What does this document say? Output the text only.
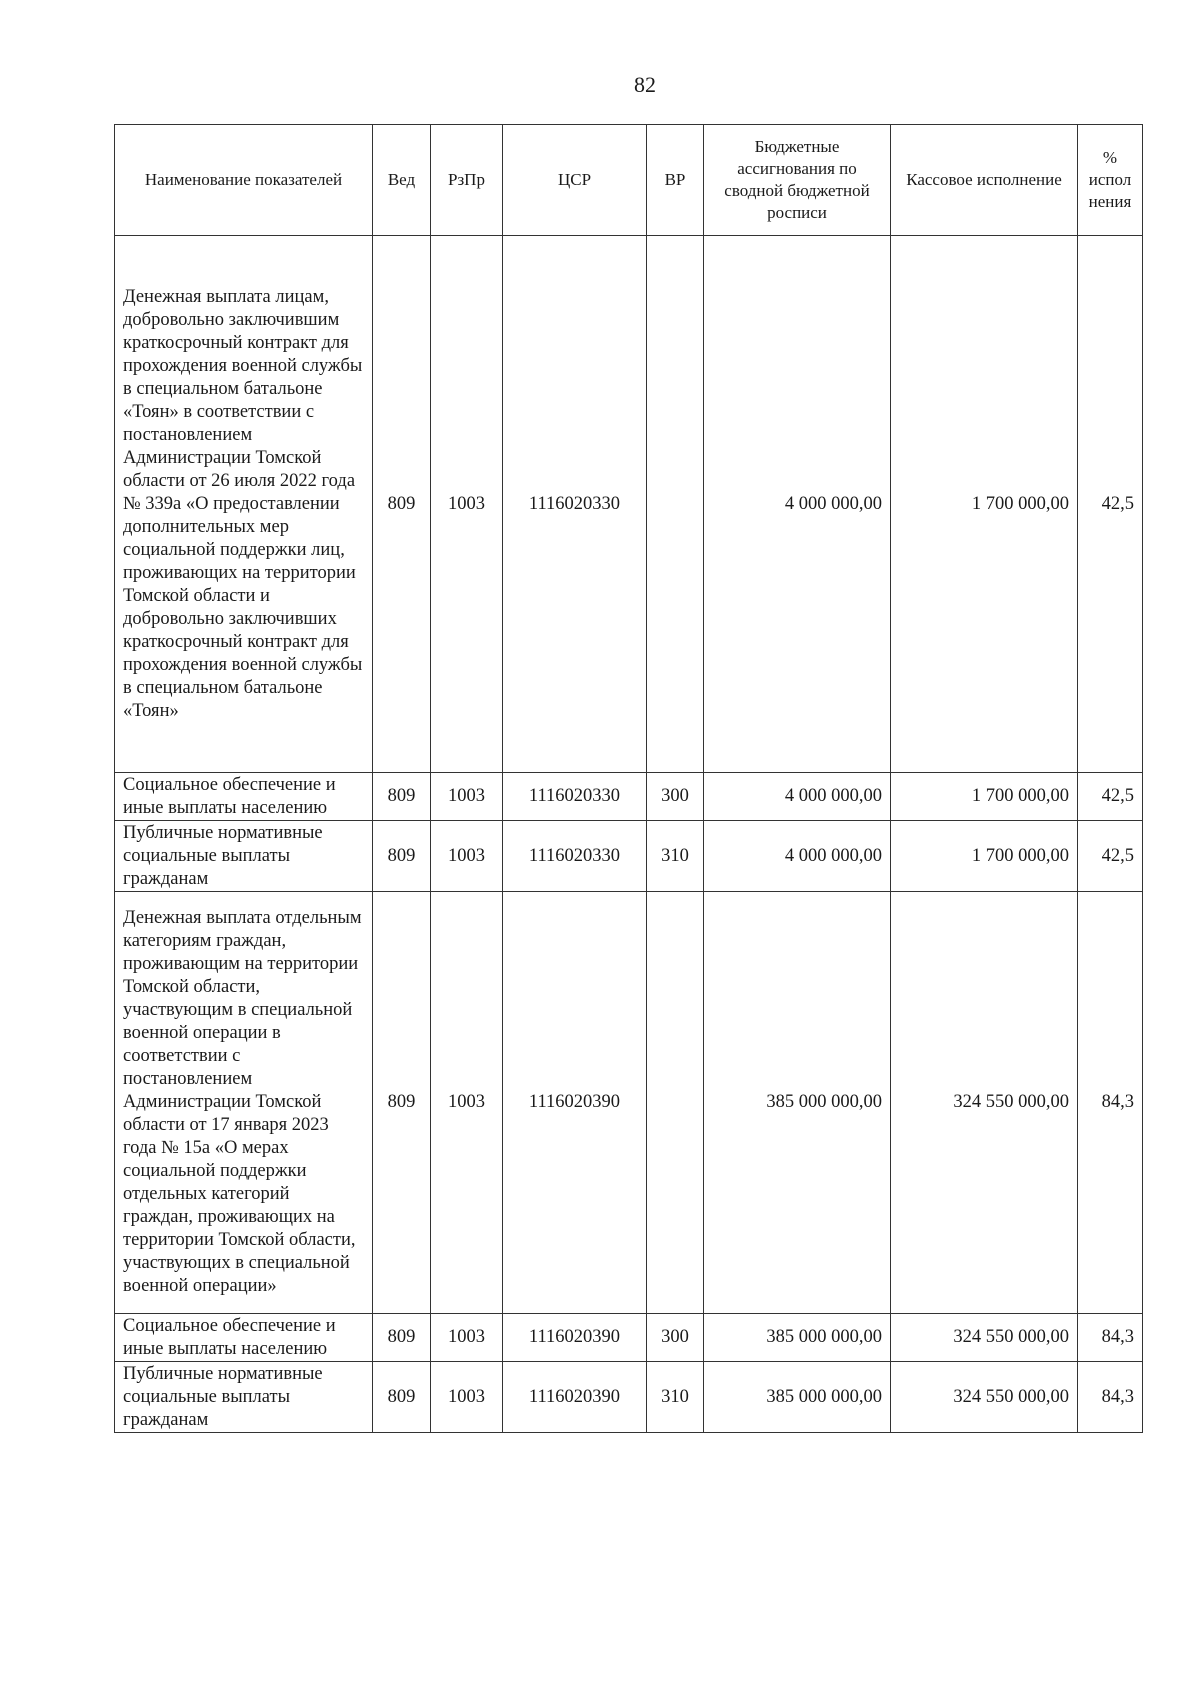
82
Наименование показателей	Вед	РзПр	ЦСР	ВР	Бюджетные ассигнования по сводной бюджетной росписи	Кассовое исполнение	% испол нения
Денежная выплата лицам, добровольно заключившим краткосрочный контракт для прохождения военной службы в специальном батальоне «Тоян» в соответствии с постановлением Администрации Томской области от 26 июля 2022 года № 339а «О предоставлении дополнительных мер социальной поддержки лиц, проживающих на территории Томской области и добровольно заключивших краткосрочный контракт для прохождения военной службы в специальном батальоне «Тоян»	809	1003	1116020330		4 000 000,00	1 700 000,00	42,5
Социальное обеспечение и иные выплаты населению	809	1003	1116020330	300	4 000 000,00	1 700 000,00	42,5
Публичные нормативные социальные выплаты гражданам	809	1003	1116020330	310	4 000 000,00	1 700 000,00	42,5
Денежная выплата отдельным категориям граждан, проживающим на территории Томской области, участвующим в специальной военной операции в соответствии с постановлением Администрации Томской области от 17 января 2023 года № 15а «О мерах социальной поддержки отдельных категорий граждан, проживающих на территории Томской области, участвующих в специальной военной операции»	809	1003	1116020390		385 000 000,00	324 550 000,00	84,3
Социальное обеспечение и иные выплаты населению	809	1003	1116020390	300	385 000 000,00	324 550 000,00	84,3
Публичные нормативные социальные выплаты гражданам	809	1003	1116020390	310	385 000 000,00	324 550 000,00	84,3
